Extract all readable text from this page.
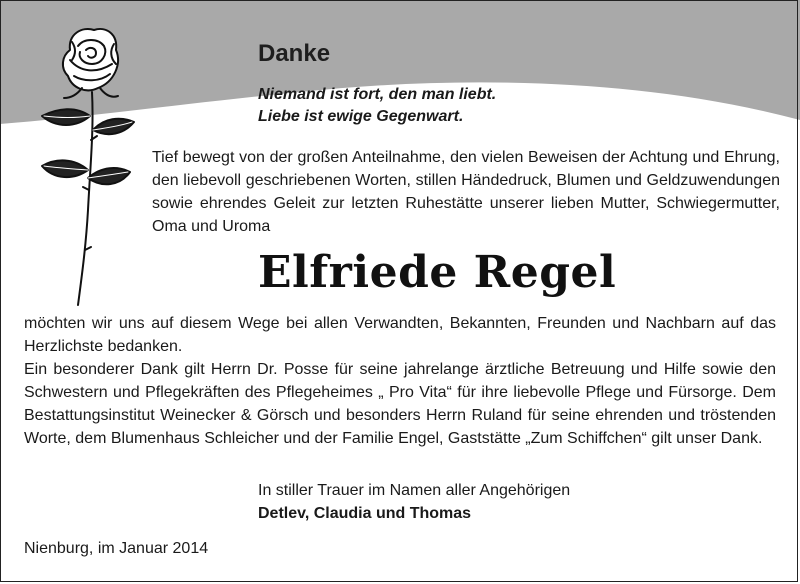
Danke
Niemand ist fort, den man liebt.
Liebe ist ewige Gegenwart.
Tief bewegt von der großen Anteilnahme, den vielen Beweisen der Achtung und Ehrung, den liebevoll geschriebenen Worten, stillen Händedruck, Blumen und Geldzuwendungen sowie ehrendes Geleit zur letzten Ruhestätte unserer lieben Mutter, Schwiegermutter, Oma und Uroma
Elfriede Regel

möchten wir uns auf diesem Wege bei allen Verwandten, Bekannten, Freunden und Nachbarn auf das Herzlichste bedanken.

Ein besonderer Dank gilt Herrn Dr. Posse für seine jahrelange ärztliche Betreuung und Hilfe sowie den Schwestern und Pflegekräften des Pflegeheimes „ Pro Vita“ für ihre liebevolle Pflege und Fürsorge. Dem Bestattungsinstitut Weinecker & Görsch und besonders Herrn Ruland für seine ehrenden und tröstenden Worte, dem Blumenhaus Schleicher und der Familie Engel, Gaststätte „Zum Schiffchen“ gilt unser Dank.

In stiller Trauer im Namen aller Angehörigen
Detlev, Claudia und Thomas
Nienburg, im Januar 2014
